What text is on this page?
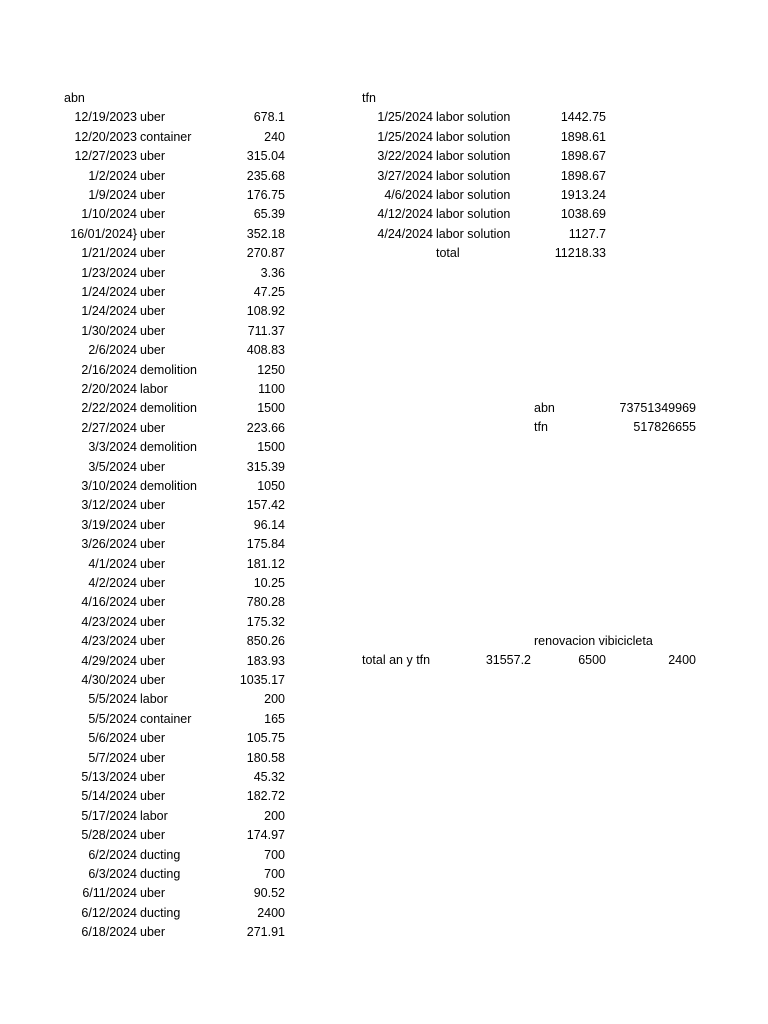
abn
12/19/2023 uber	678.1
12/20/2023 container	240
12/27/2023 uber	315.04
1/2/2024 uber	235.68
1/9/2024 uber	176.75
1/10/2024 uber	65.39
16/01/2024} uber	352.18
1/21/2024 uber	270.87
1/23/2024 uber	3.36
1/24/2024 uber	47.25
1/24/2024 uber	108.92
1/30/2024 uber	711.37
2/6/2024 uber	408.83
2/16/2024 demolition	1250
2/20/2024 labor	1100
2/22/2024 demolition	1500
2/27/2024 uber	223.66
3/3/2024 demolition	1500
3/5/2024 uber	315.39
3/10/2024 demolition	1050
3/12/2024 uber	157.42
3/19/2024 uber	96.14
3/26/2024 uber	175.84
4/1/2024 uber	181.12
4/2/2024 uber	10.25
4/16/2024 uber	780.28
4/23/2024 uber	175.32
4/23/2024 uber	850.26
4/29/2024 uber	183.93
4/30/2024 uber	1035.17
5/5/2024 labor	200
5/5/2024 container	165
5/6/2024 uber	105.75
5/7/2024 uber	180.58
5/13/2024 uber	45.32
5/14/2024 uber	182.72
5/17/2024 labor	200
5/28/2024 uber	174.97
6/2/2024 ducting	700
6/3/2024 ducting	700
6/11/2024 uber	90.52
6/12/2024 ducting	2400
6/18/2024 uber	271.91
tfn
1/25/2024 labor solution	1442.75
1/25/2024 labor solution	1898.61
3/22/2024 labor solution	1898.67
3/27/2024 labor solution	1898.67
4/6/2024 labor solution	1913.24
4/12/2024 labor solution	1038.69
4/24/2024 labor solution	1127.7
total	11218.33
abn	73751349969
tfn	517826655
renovacion vibicicleta
total an y tfn	31557.2	6500	2400
